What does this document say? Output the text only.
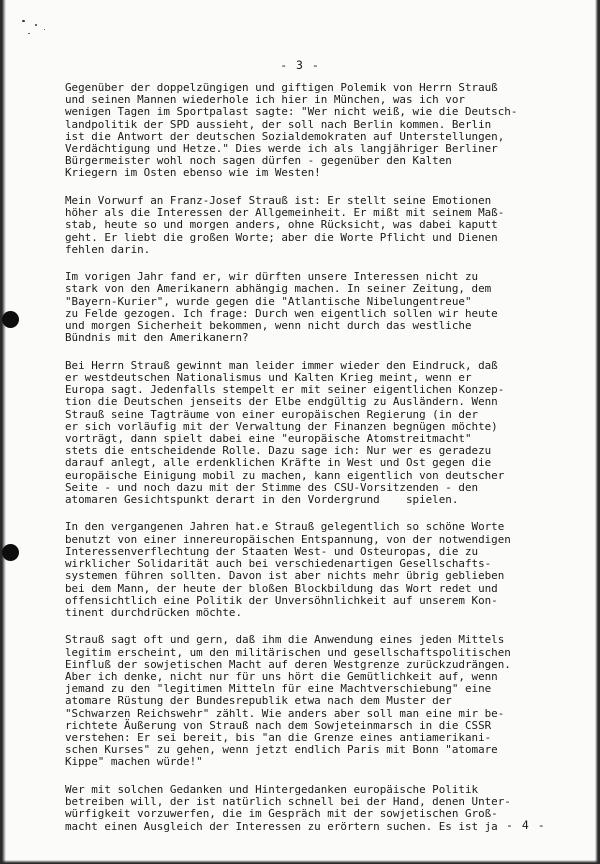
- 3 -
Gegenüber der doppelzüngigen und giftigen Polemik von Herrn Strauß
und seinen Mannen wiederhole ich hier in München, was ich vor
wenigen Tagen im Sportpalast sagte: "Wer nicht weiß, wie die Deutsch-
landpolitik der SPD aussieht, der soll nach Berlin kommen. Berlin
ist die Antwort der deutschen Sozialdemokraten auf Unterstellungen,
Verdächtigung und Hetze." Dies werde ich als langjähriger Berliner
Bürgermeister wohl noch sagen dürfen - gegenüber den Kalten
Kriegern im Osten ebenso wie im Westen!
Mein Vorwurf an Franz-Josef Strauß ist: Er stellt seine Emotionen
höher als die Interessen der Allgemeinheit. Er mißt mit seinem Maß-
stab, heute so und morgen anders, ohne Rücksicht, was dabei kaputt
geht. Er liebt die großen Worte; aber die Worte Pflicht und Dienen
fehlen darin.
Im vorigen Jahr fand er, wir dürften unsere Interessen nicht zu
stark von den Amerikanern abhängig machen. In seiner Zeitung, dem
"Bayern-Kurier", wurde gegen die "Atlantische Nibelungentreue"
zu Felde gezogen. Ich frage: Durch wen eigentlich sollen wir heute
und morgen Sicherheit bekommen, wenn nicht durch das westliche
Bündnis mit den Amerikanern?
Bei Herrn Strauß gewinnt man leider immer wieder den Eindruck, daß
er westdeutschen Nationalismus und Kalten Krieg meint, wenn er
Europa sagt. Jedenfalls stempelt er mit seiner eigentlichen Konzep-
tion die Deutschen jenseits der Elbe endgültig zu Ausländern. Wenn
Strauß seine Tagträume von einer europäischen Regierung (in der
er sich vorläufig mit der Verwaltung der Finanzen begnügen möchte)
vorträgt, dann spielt dabei eine "europäische Atomstreitmacht"
stets die entscheidende Rolle. Dazu sage ich: Nur wer es geradezu
darauf anlegt, alle erdenklichen Kräfte in West und Ost gegen die
europäische Einigung mobil zu machen, kann eigentlich von deutscher
Seite - und noch dazu mit der Stimme des CSU-Vorsitzenden - den
atomaren Gesichtspunkt derart in den Vordergrund    spielen.
In den vergangenen Jahren hat.e Strauß gelegentlich so schöne Worte
benutzt von einer innereuropäischen Entspannung, von der notwendigen
Interessenverflechtung der Staaten West- und Osteuropas, die zu
wirklicher Solidarität auch bei verschiedenartigen Gesellschafts-
systemen führen sollten. Davon ist aber nichts mehr übrig geblieben
bei dem Mann, der heute der bloßen Blockbildung das Wort redet und
offensichtlich eine Politik der Unversöhnlichkeit auf unserem Kon-
tinent durchdrücken möchte.
Strauß sagt oft und gern, daß ihm die Anwendung eines jeden Mittels
legitim erscheint, um den militärischen und gesellschaftspolitischen
Einfluß der sowjetischen Macht auf deren Westgrenze zurückzudrängen.
Aber ich denke, nicht nur für uns hört die Gemütlichkeit auf, wenn
jemand zu den "legitimen Mitteln für eine Machtverschiebung" eine
atomare Rüstung der Bundesrepublik etwa nach dem Muster der
"Schwarzen Reichswehr" zählt. Wie anders aber soll man eine mir be-
richtete Äußerung von Strauß nach dem Sowjeteinmarsch in die CSSR
verstehen: Er sei bereit, bis "an die Grenze eines antiamerikani-
schen Kurses" zu gehen, wenn jetzt endlich Paris mit Bonn "atomare
Kippe" machen würde!"
Wer mit solchen Gedanken und Hintergedanken europäische Politik
betreiben will, der ist natürlich schnell bei der Hand, denen Unter-
würfigkeit vorzuwerfen, die im Gespräch mit der sowjetischen Groß-
macht einen Ausgleich der Interessen zu erörtern suchen. Es ist ja - 4 -
